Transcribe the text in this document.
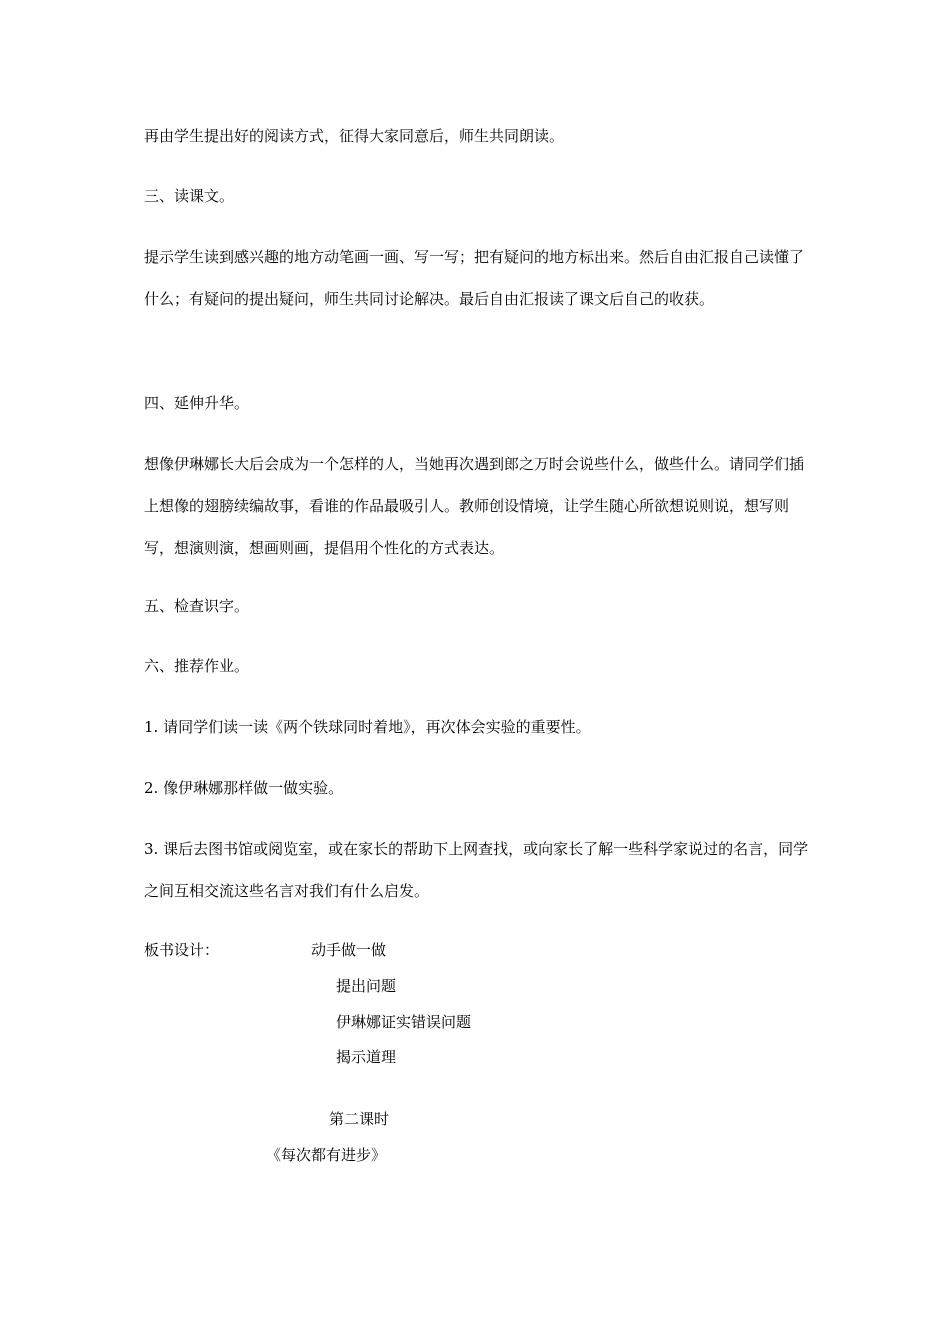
再由学生提出好的阅读方式，征得大家同意后，师生共同朗读。

三、读课文。

提示学生读到感兴趣的地方动笔画一画、写一写；把有疑问的地方标出来。然后自由汇报自己读懂了什么；有疑问的提出疑问，师生共同讨论解决。最后自由汇报读了课文后自己的收获。

四、延伸升华。

想像伊琳娜长大后会成为一个怎样的人，当她再次遇到郎之万时会说些什么，做些什么。请同学们插上想像的翅膀续编故事，看谁的作品最吸引人。教师创设情境，让学生随心所欲想说则说，想写则写，想演则演，想画则画，提倡用个性化的方式表达。

五、检查识字。

六、推荐作业。

1. 请同学们读一读《两个铁球同时着地》，再次体会实验的重要性。

2. 像伊琳娜那样做一做实验。

3. 课后去图书馆或阅览室，或在家长的帮助下上网查找，或向家长了解一些科学家说过的名言，同学之间互相交流这些名言对我们有什么启发。

板书设计：	动手做一做
提出问题
伊琳娜证实错误问题
揭示道理
第二课时
《每次都有进步》
